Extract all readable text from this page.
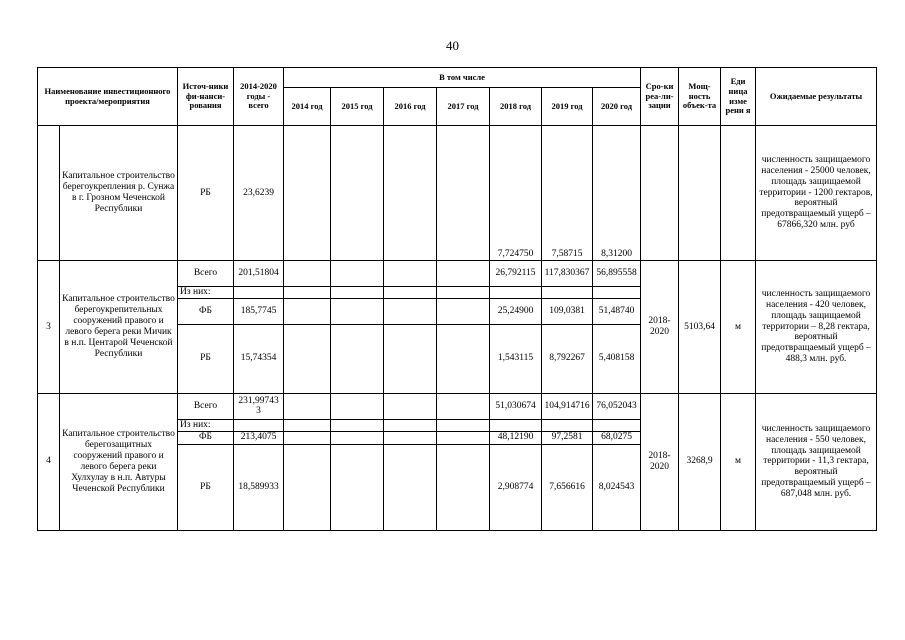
40
Наименование инвестиционного проекта/мероприятия		Источ-ники фи-нанси-рования	2014-2020 годы - всего	В том числе							Сро-ки реа-ли-зации	Мощ-ность объек-та	Еди ница изме рени я	Ожидаемые результаты
				2014 год	2015 год	2016 год	2017 год	2018 год	2019 год	2020 год				
	Капитальное строительство берегоукрепления р. Сунжа в г. Грозном Чеченской Республики	РБ	23,6239					7,724750	7,58715	8,31200				численность защищаемого населения - 25000 человек, площадь защищаемой территории - 1200 гектаров, вероятный предотвращаемый ущерб – 67866,320 млн. руб
3	Капитальное строительство берегоукрепительных сооружений правого и левого берега реки Мичик в н.п. Центарой Чеченской Республики	Всего	201,51804					26,792115	117,830367	56,895558	2018-2020	5103,64	м	численность защищаемого населения - 420 человек, площадь защищаемой территории – 8,28 гектара, вероятный предотвращаемый ущерб – 488,3 млн. руб.
		Из них:												
		ФБ	185,7745					25,24900	109,0381	51,48740				
		РБ	15,74354					1,543115	8,792267	5,408158				
4	Капитальное строительство берегозащитных сооружений правого и левого берега реки Хулхулау в н.п. Автуры Чеченской Республики	Всего	231,997433					51,030674	104,914716	76,052043	2018-2020	3268,9	м	численность защищаемого населения - 550 человек, площадь защищаемой территории - 11,3 гектара, вероятный предотвращаемый ущерб – 687,048 млн. руб.
		Из них:												
		ФБ	213,4075					48,12190	97,2581	68,0275				
		РБ	18,589933					2,908774	7,656616	8,024543				
